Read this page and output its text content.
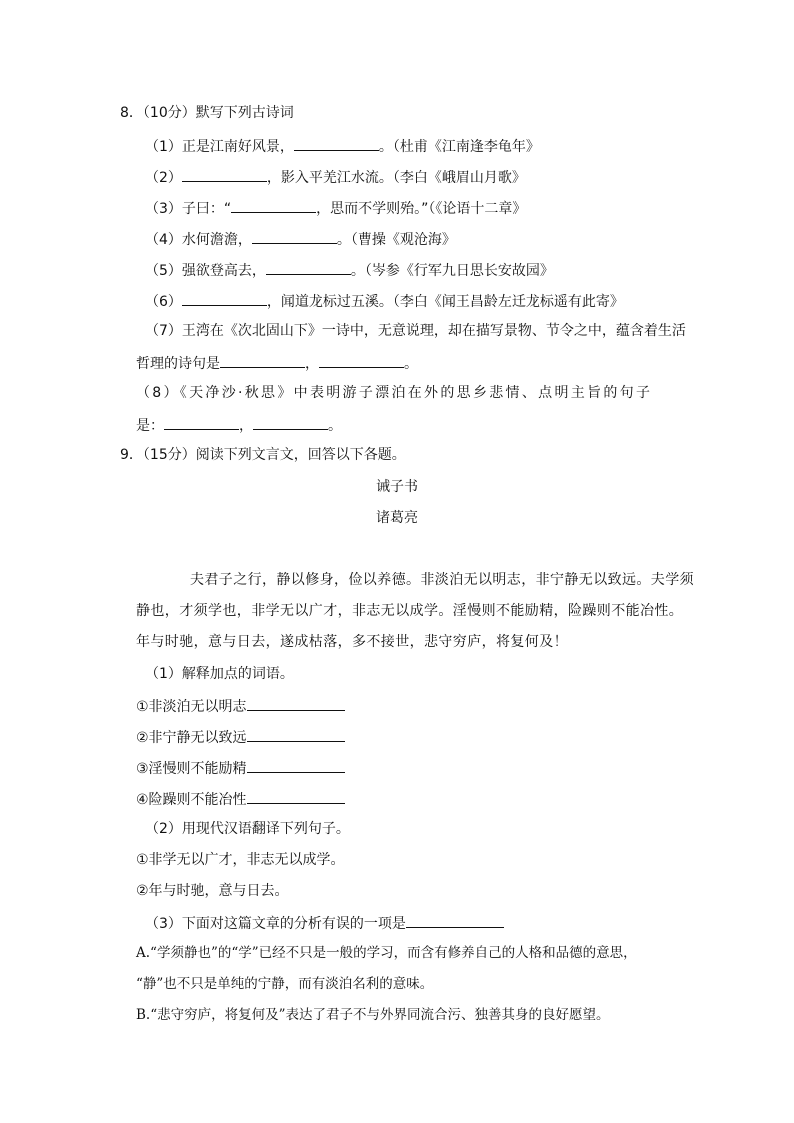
8．（10分）默写下列古诗词
（1）正是江南好风景，	。（杜甫《江南逢李龟年》
（2）	，影入平羌江水流。（李白《峨眉山月歌》
（3）子曰：“	，思而不学则殆。”（《论语十二章》
（4）水何澹澹，	。（曹操《观沧海》
（5）强欲登高去，	。（岑参《行军九日思长安故园》
（6）	，闻道龙标过五溪。（李白《闻王昌龄左迁龙标遥有此寄》
（7）王湾在《次北固山下》一诗中，无意说理，却在描写景物、节令之中，蕴含着生活
哲理的诗句是	，	。
（8）《天净沙·秋思》中表明游子漂泊在外的思乡悲情、点明主旨的句子
是：	，	。
9．（15分）阅读下列文言文，回答以下各题。
诫子书
诸葛亮
夫君子之行，静以修身，俭以养德。非淡泊无以明志，非宁静无以致远。夫学须
静也，才须学也，非学无以广才，非志无以成学。淫慢则不能励精，险躁则不能冶性。
年与时驰，意与日去，遂成枯落，多不接世，悲守穷庐，将复何及！
（1）解释加点的词语。
①非淡泊无以明志
②非宁静无以致远
③淫慢则不能励精
④险躁则不能冶性
（2）用现代汉语翻译下列句子。
①非学无以广才，非志无以成学。
②年与时驰，意与日去。
（3）下面对这篇文章的分析有误的一项是
A.“学须静也”的“学”已经不只是一般的学习，而含有修养自己的人格和品德的意思，
“静”也不只是单纯的宁静，而有淡泊名利的意味。
B.“悲守穷庐，将复何及”表达了君子不与外界同流合污、独善其身的良好愿望。
